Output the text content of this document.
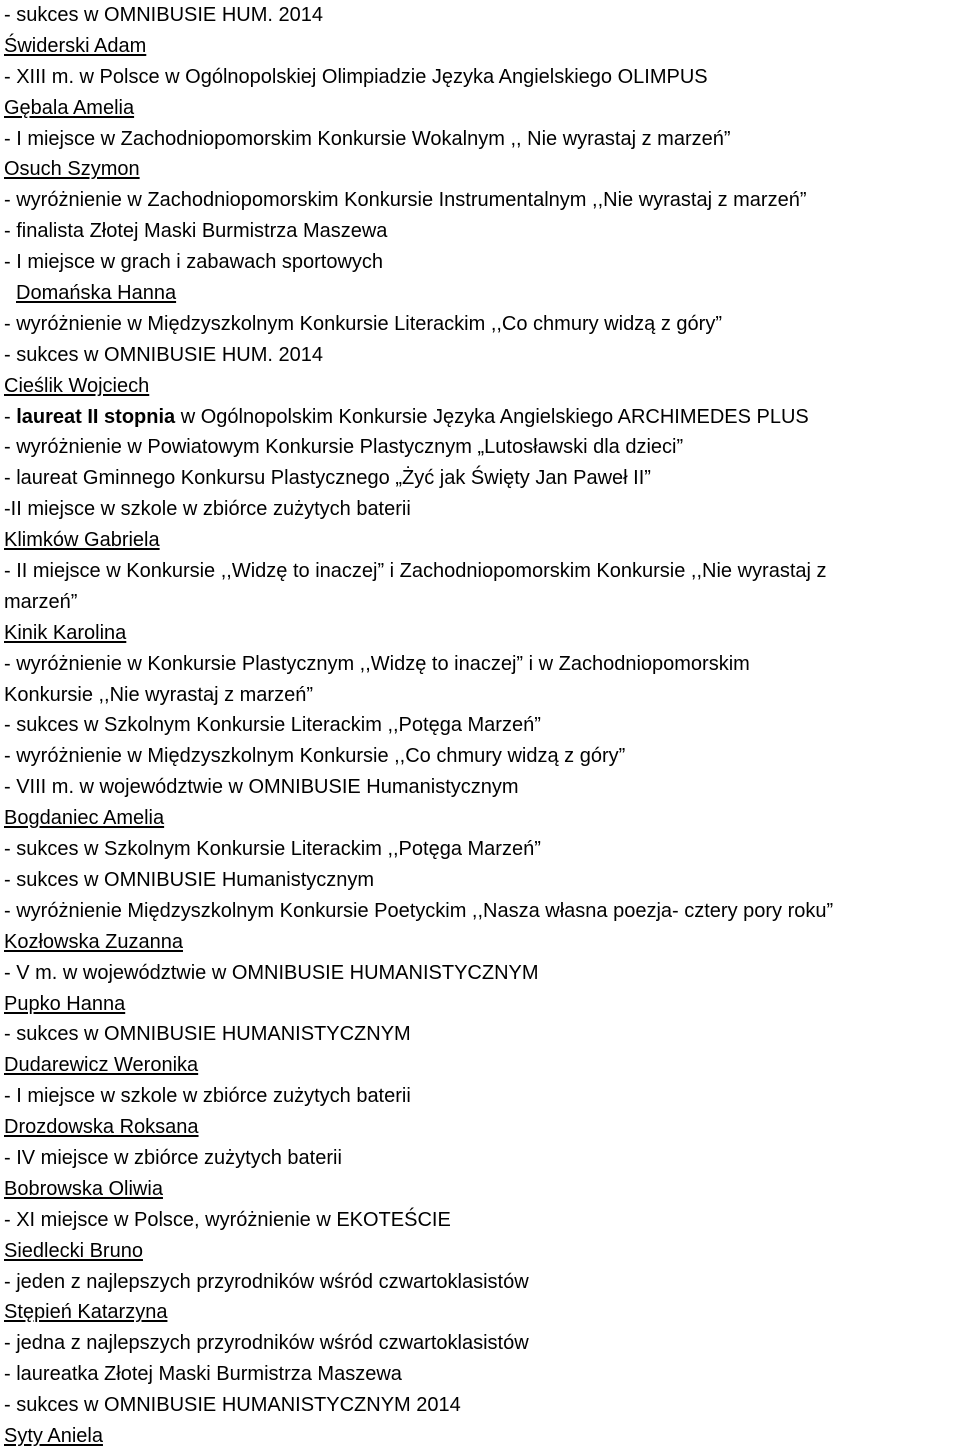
- sukces w OMNIBUSIE HUM. 2014
Świderski Adam
- XIII m. w Polsce w Ogólnopolskiej Olimpiadzie Języka Angielskiego OLIMPUS
Gębala Amelia
- I miejsce w Zachodniopomorskim Konkursie Wokalnym ,, Nie wyrastaj z marzeń”
Osuch Szymon
- wyróżnienie w Zachodniopomorskim Konkursie Instrumentalnym ,,Nie wyrastaj z marzeń”
- finalista Złotej Maski Burmistrza Maszewa
- I miejsce w grach i zabawach sportowych
Domańska Hanna
- wyróżnienie w Międzyszkolnym Konkursie Literackim ,,Co chmury widzą z góry”
- sukces w OMNIBUSIE HUM. 2014
Cieślik Wojciech
- laureat II stopnia w Ogólnopolskim Konkursie Języka Angielskiego ARCHIMEDES PLUS
- wyróżnienie w Powiatowym Konkursie Plastycznym „Lutosławski dla dzieci”
- laureat Gminnego Konkursu Plastycznego „Żyć jak Święty Jan Paweł II”
-II miejsce w szkole w zbiórce zużytych baterii
Klimków Gabriela
- II miejsce w Konkursie ,,Widzę to inaczej” i Zachodniopomorskim Konkursie ,,Nie wyrastaj z
marzeń”
Kinik Karolina
- wyróżnienie w Konkursie Plastycznym ,,Widzę to inaczej” i w Zachodniopomorskim
Konkursie ,,Nie wyrastaj z marzeń”
- sukces w Szkolnym Konkursie Literackim ,,Potęga Marzeń”
- wyróżnienie w Międzyszkolnym Konkursie ,,Co chmury widzą z góry”
- VIII m. w województwie w OMNIBUSIE Humanistycznym
Bogdaniec Amelia
- sukces w Szkolnym Konkursie Literackim ,,Potęga Marzeń”
- sukces w OMNIBUSIE Humanistycznym
- wyróżnienie Międzyszkolnym Konkursie Poetyckim ,,Nasza własna poezja- cztery pory roku”
Kozłowska Zuzanna
- V m. w województwie w OMNIBUSIE HUMANISTYCZNYM
Pupko Hanna
- sukces w OMNIBUSIE HUMANISTYCZNYM
Dudarewicz Weronika
- I miejsce w szkole w zbiórce zużytych baterii
Drozdowska Roksana
- IV miejsce w zbiórce zużytych baterii
Bobrowska Oliwia
- XI miejsce w Polsce, wyróżnienie w EKOTEŚCIE
Siedlecki Bruno
- jeden z najlepszych przyrodników wśród czwartoklasistów
Stępień Katarzyna
- jedna z najlepszych przyrodników wśród czwartoklasistów
- laureatka Złotej Maski Burmistrza Maszewa
- sukces w OMNIBUSIE HUMANISTYCZNYM 2014
Syty Aniela
